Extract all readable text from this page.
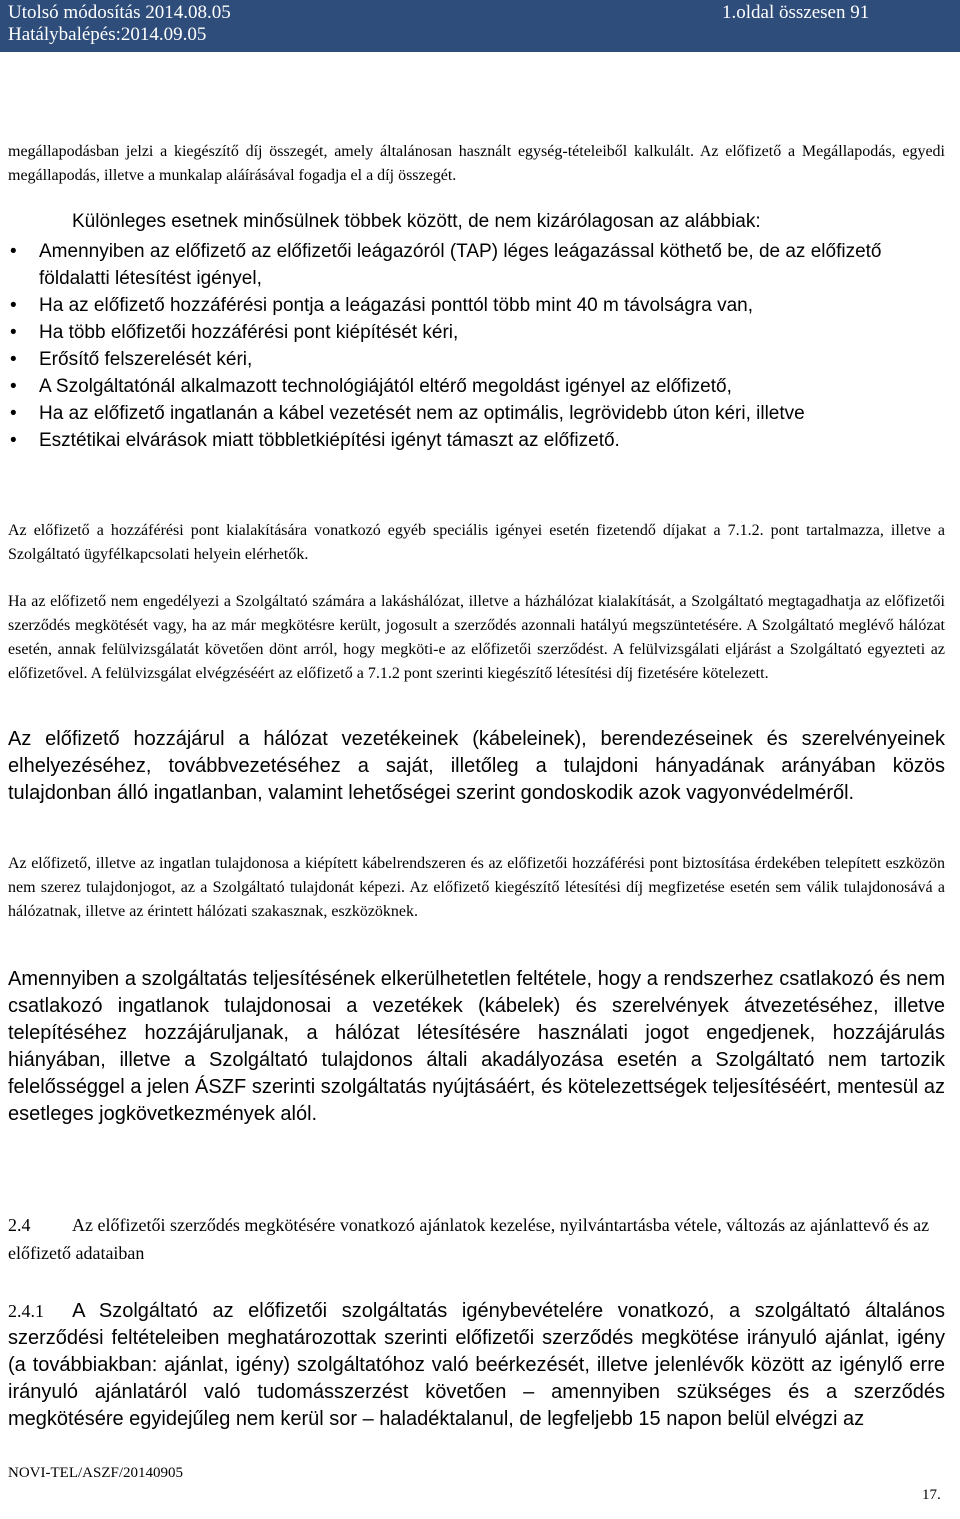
Utolsó módosítás 2014.08.05
Hatálybalépés:2014.09.05
1.oldal összesen 91

megállapodásban jelzi a kiegészítő díj összegét, amely általánosan használt egység-tételeiből kalkulált. Az előfizető a Megállapodás, egyedi megállapodás, illetve a munkalap aláírásával fogadja el a díj összegét.

Különleges esetnek minősülnek többek között, de nem kizárólagosan az alábbiak:
• Amennyiben az előfizető az előfizetői leágazóról (TAP) léges leágazással köthető be, de az előfizető földalatti létesítést igényel,
• Ha az előfizető hozzáférési pontja a leágazási ponttól több mint 40 m távolságra van,
• Ha több előfizetői hozzáférési pont kiépítését kéri,
• Erősítő felszerelését kéri,
• A Szolgáltatónál alkalmazott technológiájától eltérő megoldást igényel az előfizető,
• Ha az előfizető ingatlanán a kábel vezetését nem az optimális, legrövidebb úton kéri, illetve
• Esztétikai elvárások miatt többletkiépítési igényt támaszt az előfizető.

Az előfizető a hozzáférési pont kialakítására vonatkozó egyéb speciális igényei esetén fizetendő díjakat a 7.1.2. pont tartalmazza, illetve a Szolgáltató ügyfélkapcsolati helyein elérhetők.

Ha az előfizető nem engedélyezi a Szolgáltató számára a lakáshálózat, illetve a házhálózat kialakítását, a Szolgáltató megtagadhatja az előfizetői szerződés megkötését vagy, ha az már megkötésre került, jogosult a szerződés azonnali hatályú megszüntetésére. A Szolgáltató meglévő hálózat esetén, annak felülvizsgálatát követően dönt arról, hogy megköti-e az előfizetői szerződést. A felülvizsgálati eljárást a Szolgáltató egyezteti az előfizetővel. A felülvizsgálat elvégzéséért az előfizető a 7.1.2 pont szerinti kiegészítő létesítési díj fizetésére kötelezett.

Az előfizető hozzájárul a hálózat vezetékeinek (kábeleinek), berendezéseinek és szerelvényeinek elhelyezéséhez, továbbvezetéséhez a saját, illetőleg a tulajdoni hányadának arányában közös tulajdonban álló ingatlanban, valamint lehetőségei szerint gondoskodik azok vagyonvédelméről.

Az előfizető, illetve az ingatlan tulajdonosa a kiépített kábelrendszeren és az előfizetői hozzáférési pont biztosítása érdekében telepített eszközön nem szerez tulajdonjogot, az a Szolgáltató tulajdonát képezi. Az előfizető kiegészítő létesítési díj megfizetése esetén sem válik tulajdonosává a hálózatnak, illetve az érintett hálózati szakasznak, eszközöknek.

Amennyiben a szolgáltatás teljesítésének elkerülhetetlen feltétele, hogy a rendszerhez csatlakozó és nem csatlakozó ingatlanok tulajdonosai a vezetékek (kábelek) és szerelvények átvezetéséhez, illetve telepítéséhez hozzájáruljanak, a hálózat létesítésére használati jogot engedjenek, hozzájárulás hiányában, illetve a Szolgáltató tulajdonos általi akadályozása esetén a Szolgáltató nem tartozik felelősséggel a jelen ÁSZF szerinti szolgáltatás nyújtásáért, és kötelezettségek teljesítéséért, mentesül az esetleges jogkövetkezmények alól.

2.4 Az előfizetői szerződés megkötésére vonatkozó ajánlatok kezelése, nyilvántartásba vétele, változás az ajánlattevő és az előfizető adataiban
2.4.1 A Szolgáltató az előfizetői szolgáltatás igénybevételére vonatkozó, a szolgáltató általános szerződési feltételeiben meghatározottak szerinti előfizetői szerződés megkötése irányuló ajánlat, igény (a továbbiakban: ajánlat, igény) szolgáltatóhoz való beérkezését, illetve jelenlévők között az igénylő erre irányuló ajánlatáról való tudomásszerzést követően – amennyiben szükséges és a szerződés megkötésére egyidejűleg nem kerül sor – haladéktalanul, de legfeljebb 15 napon belül elvégzi az
NOVI-TEL/ASZF/20140905
17.
